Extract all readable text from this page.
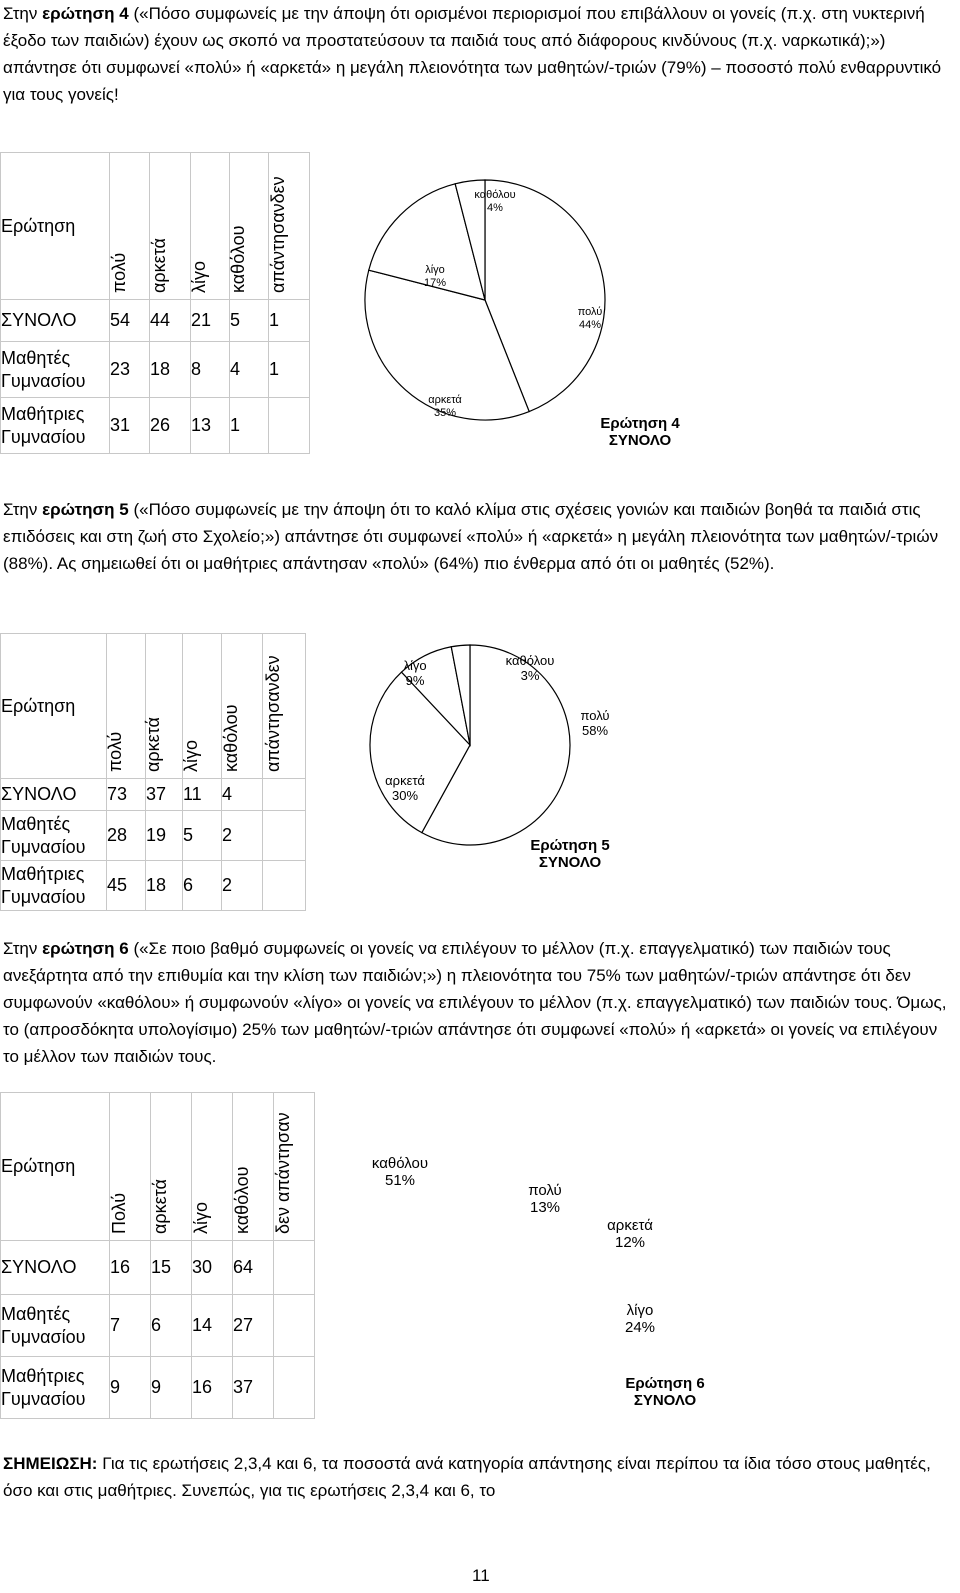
Στην ερώτηση 4 («Πόσο συμφωνείς με την άποψη ότι ορισμένοι περιορισμοί που επιβάλλουν οι γονείς (π.χ. στη νυκτερινή έξοδο των παιδιών) έχουν ως σκοπό να προστατεύσουν τα παιδιά τους από διάφορους κινδύνους (π.χ. ναρκωτικά);») απάντησε ότι συμφωνεί «πολύ» ή «αρκετά» η μεγάλη πλειονότητα των μαθητών/-τριών (79%) – ποσοστό πολύ ενθαρρυντικό για τους γονείς!

Ερώτηση	πολύ	αρκετά	λίγο	καθόλου	απάντησανδεν

ΣΥΝΟΛΟ	54	44	21	5	1
Μαθητές Γυμνασίου	23	18	8	4	1
Μαθήτριες Γυμνασίου	31	26	13	1	
πολύ 44%
αρκετά 35%
λίγο 17%
καθόλου 4%
Ερώτηση 4 ΣΥΝΟΛΟ

Στην ερώτηση 5 («Πόσο συμφωνείς με την άποψη ότι το καλό κλίμα στις σχέσεις γονιών και παιδιών βοηθά τα παιδιά στις επιδόσεις και στη ζωή στο Σχολείο;») απάντησε ότι συμφωνεί «πολύ» ή «αρκετά» η μεγάλη πλειονότητα των μαθητών/-τριών (88%). Ας σημειωθεί ότι οι μαθήτριες απάντησαν «πολύ» (64%) πιο ένθερμα από ότι οι μαθητές (52%).

Ερώτηση	πολύ	αρκετά	λίγο	καθόλου	απάντησανδεν

ΣΥΝΟΛΟ	73	37	11	4	
Μαθητές Γυμνασίου	28	19	5	2	
Μαθήτριες Γυμνασίου	45	18	6	2	
πολύ 58%
αρκετά 30%
λίγο 9%
καθόλου 3%
Ερώτηση 5 ΣΥΝΟΛΟ

Στην ερώτηση 6 («Σε ποιο βαθμό συμφωνείς οι γονείς να επιλέγουν το μέλλον (π.χ. επαγγελματικό) των παιδιών τους ανεξάρτητα από την επιθυμία και την κλίση των παιδιών;») η πλειονότητα του 75% των μαθητών/-τριών απάντησε ότι δεν συμφωνούν «καθόλου» ή συμφωνούν «λίγο» οι γονείς να επιλέγουν το μέλλον (π.χ. επαγγελματικό) των παιδιών τους. Όμως, το (απροσδόκητα υπολογίσιμο) 25% των μαθητών/-τριών απάντησε ότι συμφωνεί «πολύ» ή «αρκετά» οι γονείς να επιλέγουν το μέλλον των παιδιών τους.

Ερώτηση	Πολύ	αρκετά	λίγο	καθόλου	δεν απάντησαν

ΣΥΝΟΛΟ	16	15	30	64	
Μαθητές Γυμνασίου	7	6	14	27	
Μαθήτριες Γυμνασίου	9	9	16	37	
πολύ 13%
αρκετά 12%
λίγο 24%
καθόλου 51%
Ερώτηση 6 ΣΥΝΟΛΟ
ΣΗΜΕΙΩΣΗ: Για τις ερωτήσεις 2,3,4 και 6, τα ποσοστά ανά κατηγορία απάντησης είναι περίπου τα ίδια τόσο στους μαθητές, όσο και στις μαθήτριες. Συνεπώς, για τις ερωτήσεις 2,3,4 και 6, το
11
